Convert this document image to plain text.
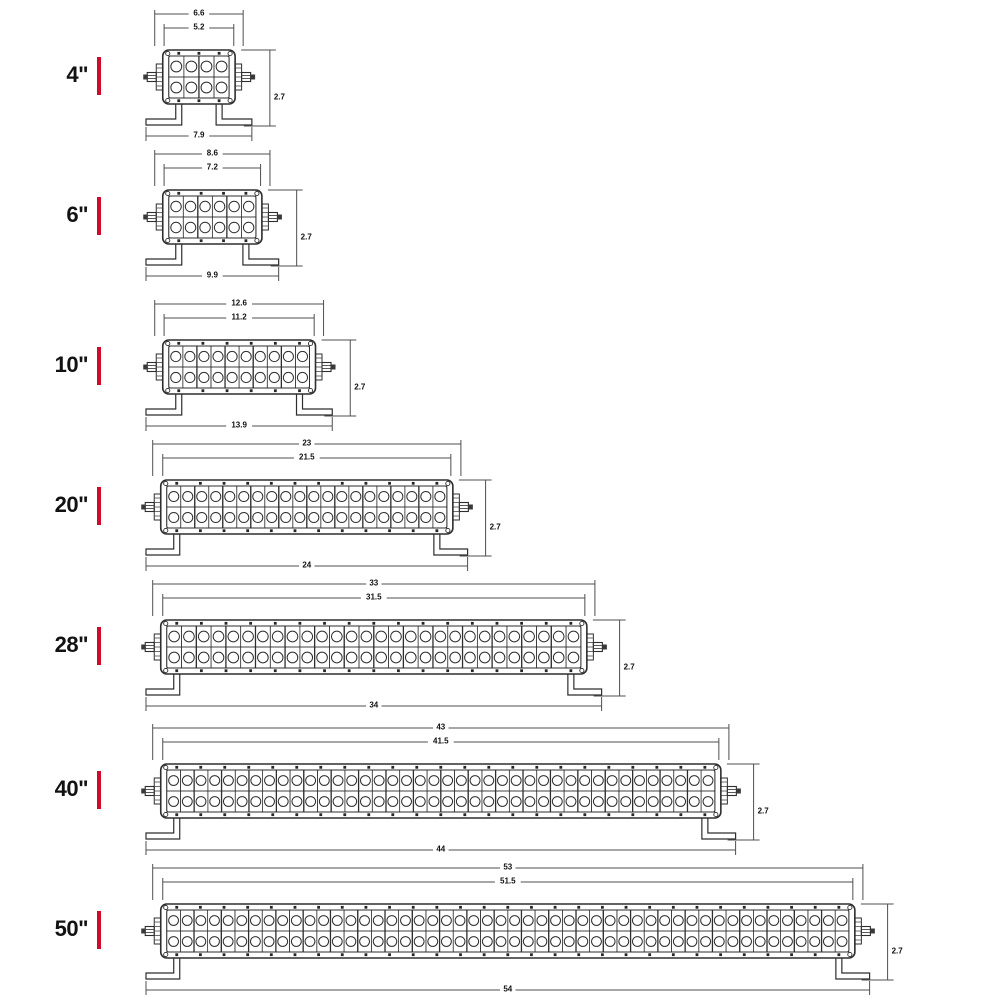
4"
6.6
5.2
2.7
7.9
6"
8.6
7.2
2.7
9.9
10"
12.6
11.2
2.7
13.9
20"
23
21.5
2.7
24
28"
33
31.5
2.7
34
40"
43
41.5
2.7
44
50"
53
51.5
2.7
54
